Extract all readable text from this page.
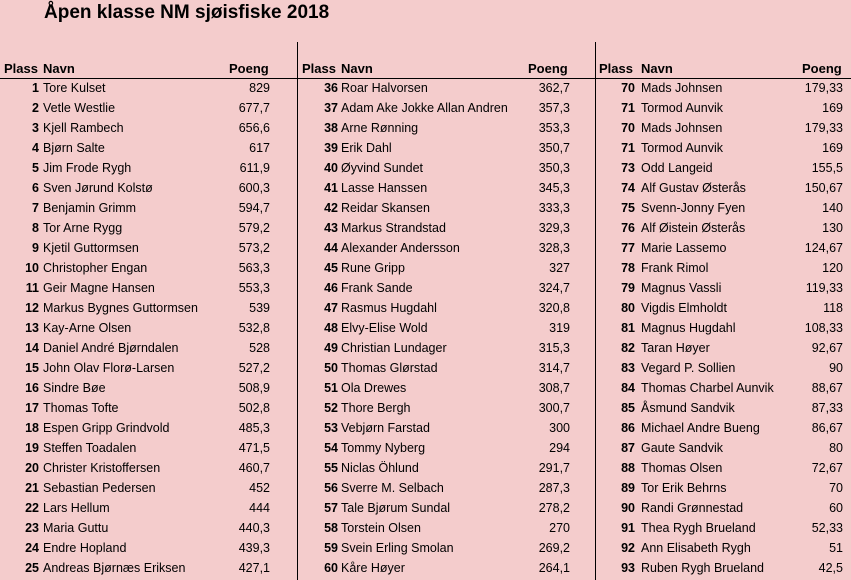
Åpen klasse NM sjøisfiske 2018
Plass Navn	Poeng
1 Tore Kulset	829
2 Vetle Westlie	677,7
3 Kjell Rambech	656,6
4 Bjørn Salte	617
5 Jim Frode Rygh	611,9
6 Sven Jørund Kolstø	600,3
7 Benjamin Grimm	594,7
8 Tor Arne Rygg	579,2
9 Kjetil Guttormsen	573,2
10 Christopher Engan	563,3
11 Geir Magne Hansen	553,3
12 Markus Bygnes Guttormsen	539
13 Kay-Arne Olsen	532,8
14 Daniel André Bjørndalen	528
15 John Olav Florø-Larsen	527,2
16 Sindre Bøe	508,9
17 Thomas Tofte	502,8
18 Espen Gripp Grindvold	485,3
19 Steffen Toadalen	471,5
20 Christer Kristoffersen	460,7
21 Sebastian Pedersen	452
22 Lars Hellum	444
23 Maria Guttu	440,3
24 Endre Hopland	439,3
25 Andreas Bjørnæs Eriksen	427,1
Plass Navn	Poeng
36 Roar Halvorsen	362,7
37 Adam Ake Jokke Allan Andren 357,3
38 Arne Rønning	353,3
39 Erik Dahl	350,7
40 Øyvind Sundet	350,3
41 Lasse Hanssen	345,3
42 Reidar Skansen	333,3
43 Markus Strandstad	329,3
44 Alexander Andersson	328,3
45 Rune Gripp	327
46 Frank Sande	324,7
47 Rasmus Hugdahl	320,8
48 Elvy-Elise Wold	319
49 Christian Lundager	315,3
50 Thomas Glørstad	314,7
51 Ola Drewes	308,7
52 Thore Bergh	300,7
53 Vebjørn Farstad	300
54 Tommy Nyberg	294
55 Niclas Öhlund	291,7
56 Sverre M. Selbach	287,3
57 Tale Bjørum Sundal	278,2
58 Torstein Olsen	270
59 Svein Erling Smolan	269,2
60 Kåre Høyer	264,1
Plass Navn	Poeng
70 Mads Johnsen	179,33
71 Tormod Aunvik	169
70 Mads Johnsen	179,33
71 Tormod Aunvik	169
73 Odd Langeid	155,5
74 Alf Gustav Østerås	150,67
75 Svenn-Jonny Fyen	140
76 Alf Øistein Østerås	130
77 Marie Lassemo	124,67
78 Frank Rimol	120
79 Magnus Vassli	119,33
80 Vigdis Elmholdt	118
81 Magnus Hugdahl	108,33
82 Taran Høyer	92,67
83 Vegard P. Sollien	90
84 Thomas Charbel Aunvik	88,67
85 Åsmund Sandvik	87,33
86 Michael Andre Bueng	86,67
87 Gaute Sandvik	80
88 Thomas Olsen	72,67
89 Tor Erik Behrns	70
90 Randi Grønnestad	60
91 Thea Rygh Brueland	52,33
92 Ann Elisabeth Rygh	51
93 Ruben Rygh Brueland	42,5
